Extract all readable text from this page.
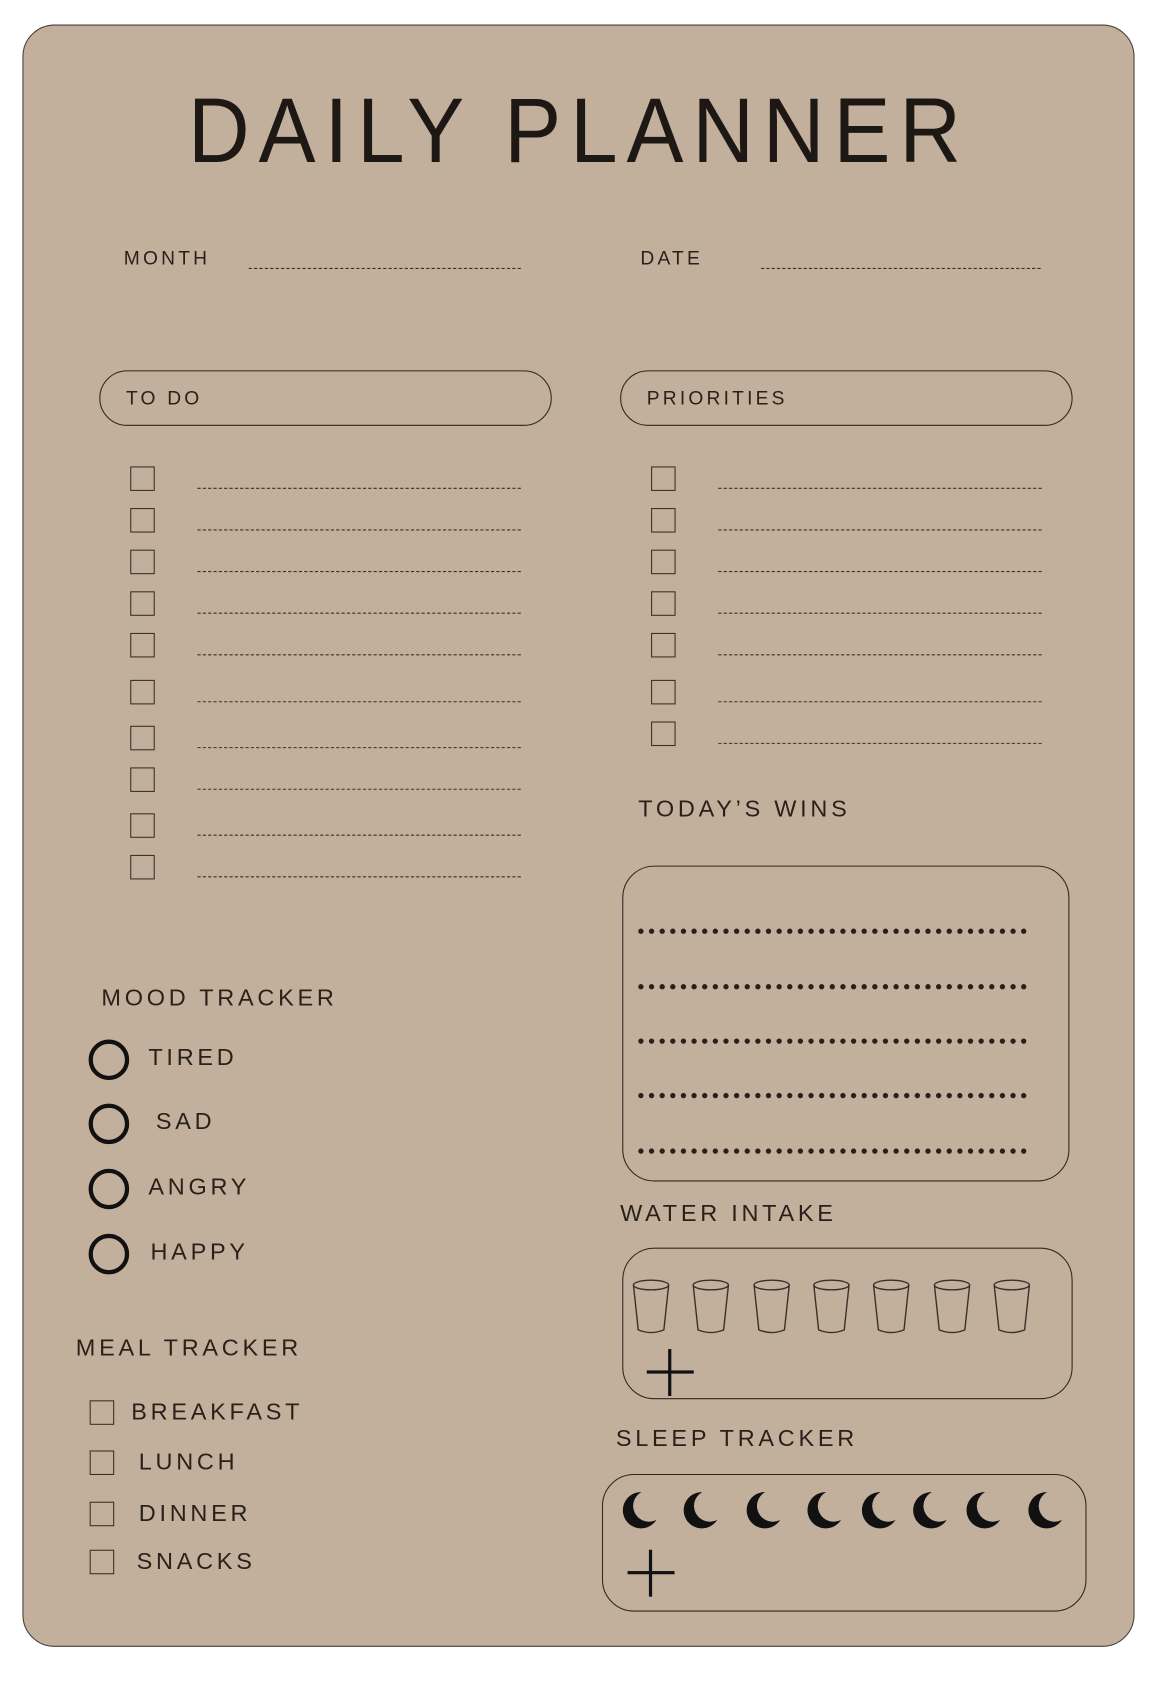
DAILY PLANNER
MONTH	DATE
TO DO	PRIORITIES
TODAY’S WINS
MOOD TRACKER
TIRED
SAD
ANGRY
HAPPY
MEAL TRACKER
BREAKFAST
LUNCH
DINNER
SNACKS
WATER INTAKE
SLEEP TRACKER
